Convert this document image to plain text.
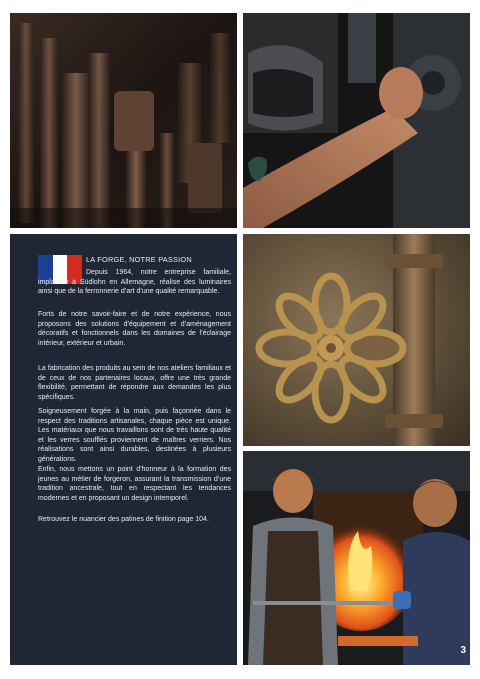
LA FORGE, NOTRE PASSION

Depuis 1964, notre entreprise familiale, implantée à Südlohn en Allemagne, réalise des luminaires ainsi que de la ferronnerie d’art d’une qualité remarquable.

Forts de notre savoir-faire et de notre expérience, nous proposons des solutions d’équipement et d’aménagement décoratifs et fonctionnels dans les domaines de l’éclairage intérieur, extérieur et urbain.

La fabrication des produits au sein de nos ateliers familiaux et de ceux de nos partenaires locaux, offre une très grande flexibilité, permettant de répondre aux demandes les plus spécifiques.

Soigneusement forgée à la main, puis façonnée dans le respect des traditions artisanales, chaque pièce est unique. Les matériaux que nous travaillons sont de très haute qualité et les verres soufflés proviennent de maîtres verriers. Nos réalisations sont ainsi durables, destinées à plusieurs générations.

Enfin, nous mettons un point d’honneur à la formation des jeunes au métier de forgeron, assurant la transmission d’une tradition ancestrale, tout en respectant les tendances modernes et en proposant un design intemporel.

Retrouvez le nuancier des patines de finition page 104.

3
